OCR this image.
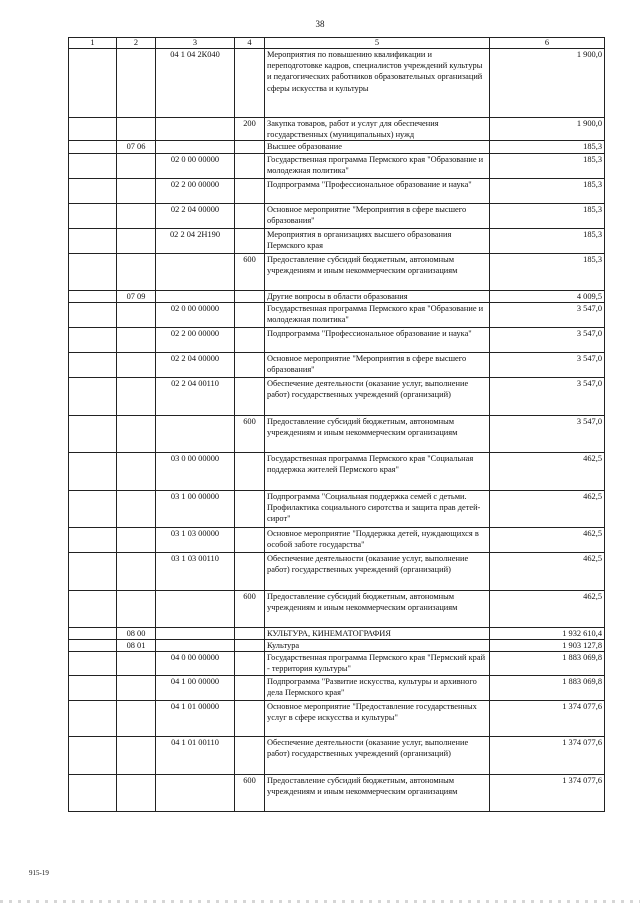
38
1	2	3	4	5	6
		04 1 04 2К040		Мероприятия по повышению квалификации и переподготовке кадров, специалистов учреждений культуры и педагогических работников образовательных организаций сферы искусства и культуры	1 900,0
			200	Закупка товаров, работ и услуг для обеспечения государственных (муниципальных) нужд	1 900,0
	07 06			Высшее образование	185,3
		02 0 00 00000		Государственная программа Пермского края "Образование и молодежная политика"	185,3
		02 2 00 00000		Подпрограмма "Профессиональное образование и наука"	185,3
		02 2 04 00000		Основное мероприятие "Мероприятия в сфере высшего образования"	185,3
		02 2 04 2Н190		Мероприятия в организациях высшего образования Пермского края	185,3
			600	Предоставление субсидий бюджетным, автономным учреждениям и иным некоммерческим организациям	185,3
	07 09			Другие вопросы в области образования	4 009,5
		02 0 00 00000		Государственная программа Пермского края "Образование и молодежная политика"	3 547,0
		02 2 00 00000		Подпрограмма "Профессиональное образование и наука"	3 547,0
		02 2 04 00000		Основное мероприятие "Мероприятия в сфере высшего образования"	3 547,0
		02 2 04 00110		Обеспечение деятельности (оказание услуг, выполнение работ) государственных учреждений (организаций)	3 547,0
			600	Предоставление субсидий бюджетным, автономным учреждениям и иным некоммерческим организациям	3 547,0
		03 0 00 00000		Государственная программа Пермского края "Социальная поддержка жителей Пермского края"	462,5
		03 1 00 00000		Подпрограмма "Социальная поддержка семей с детьми. Профилактика социального сиротства и защита прав детей-сирот"	462,5
		03 1 03 00000		Основное мероприятие "Поддержка детей, нуждающихся в особой заботе государства"	462,5
		03 1 03 00110		Обеспечение деятельности (оказание услуг, выполнение работ) государственных учреждений (организаций)	462,5
			600	Предоставление субсидий бюджетным, автономным учреждениям и иным некоммерческим организациям	462,5
	08 00			КУЛЬТУРА, КИНЕМАТОГРАФИЯ	1 932 610,4
	08 01			Культура	1 903 127,8
		04 0 00 00000		Государственная программа Пермского края "Пермский край - территория культуры"	1 883 069,8
		04 1 00 00000		Подпрограмма "Развитие искусства, культуры и архивного дела Пермского края"	1 883 069,8
		04 1 01 00000		Основное мероприятие "Предоставление государственных услуг в сфере искусства и культуры"	1 374 077,6
		04 1 01 00110		Обеспечение деятельности (оказание услуг, выполнение работ) государственных учреждений (организаций)	1 374 077,6
			600	Предоставление субсидий бюджетным, автономным учреждениям и иным некоммерческим организациям	1 374 077,6
915-19
